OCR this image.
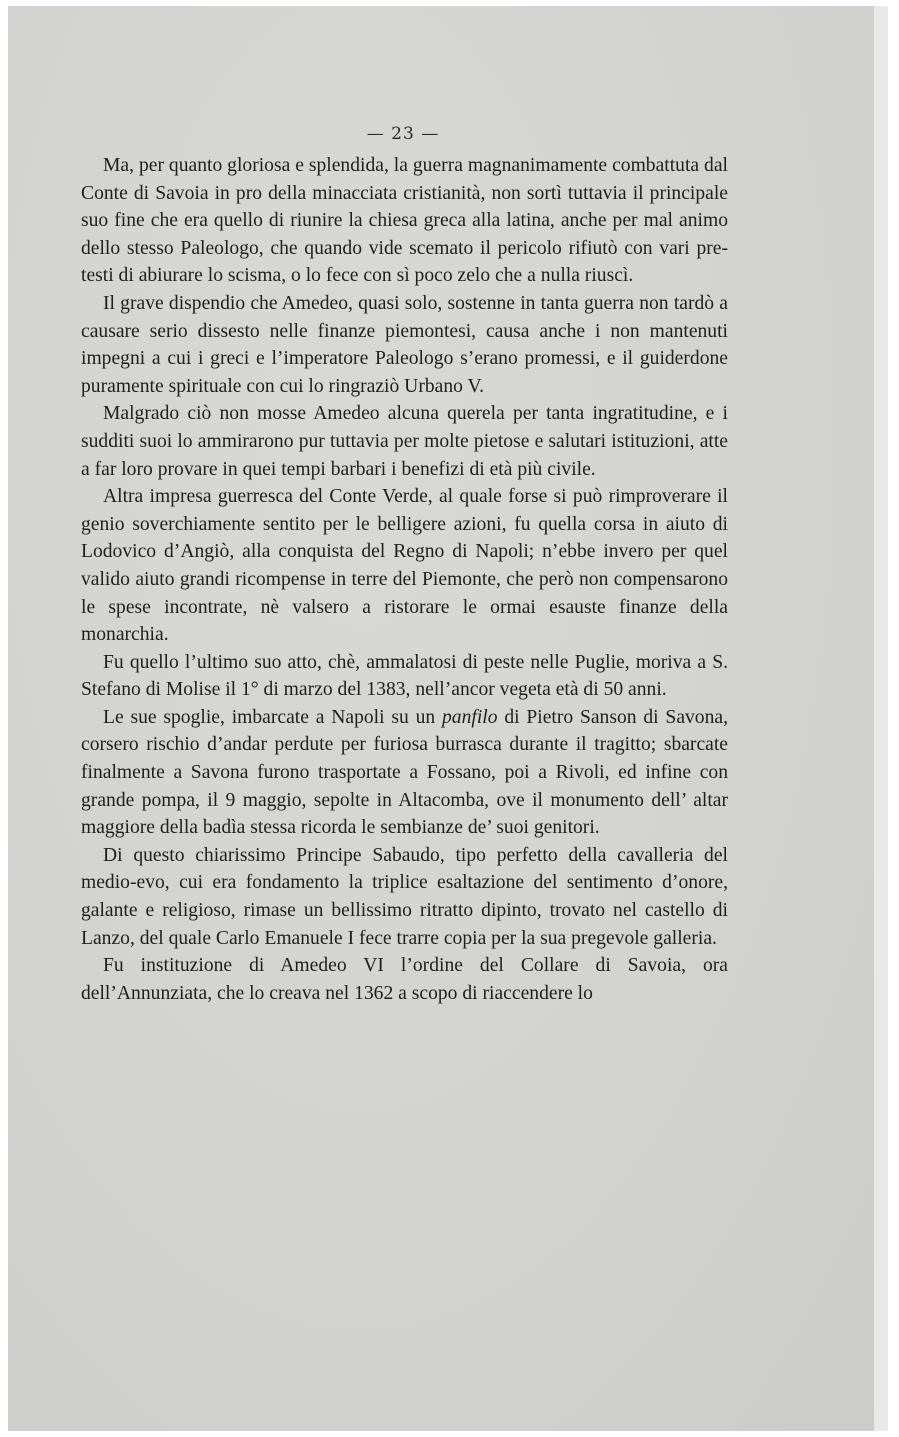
— 23 —

Ma, per quanto gloriosa e splendida, la guerra magnanimamente combattuta dal Conte di Savoia in pro della minacciata cristianità, non sortì tuttavia il principale suo fine che era quello di riunire la chiesa greca alla latina, anche per mal animo dello stesso Paleologo, che quando vide scemato il pericolo rifiutò con vari pretesti di abiurare lo scisma, o lo fece con sì poco zelo che a nulla riuscì.

Il grave dispendio che Amedeo, quasi solo, sostenne in tanta guerra non tardò a causare serio dissesto nelle finanze piemontesi, causa anche i non mantenuti impegni a cui i greci e l’imperatore Paleologo s’erano promessi, e il guiderdone puramente spirituale con cui lo ringraziò Urbano V.

Malgrado ciò non mosse Amedeo alcuna querela per tanta ingratitudine, e i sudditi suoi lo ammirarono pur tuttavia per molte pietose e salutari istituzioni, atte a far loro provare in quei tempi barbari i benefizi di età più civile.

Altra impresa guerresca del Conte Verde, al quale forse si può rimproverare il genio soverchiamente sentito per le belligere azioni, fu quella corsa in aiuto di Lodovico d’Angiò, alla conquista del Regno di Napoli; n’ebbe invero per quel valido aiuto grandi ricompense in terre del Piemonte, che però non compensarono le spese incontrate, nè valsero a ristorare le ormai esauste finanze della monarchia.

Fu quello l’ultimo suo atto, chè, ammalatosi di peste nelle Puglie, moriva a S. Stefano di Molise il 1° di marzo del 1383, nell’ancor vegeta età di 50 anni.

Le sue spoglie, imbarcate a Napoli su un panfilo di Pietro Sanson di Savona, corsero rischio d’andar perdute per furiosa burrasca durante il tragitto; sbarcate finalmente a Savona furono trasportate a Fossano, poi a Rivoli, ed infine con grande pompa, il 9 maggio, sepolte in Altacomba, ove il monumento dell’ altar maggiore della badìa stessa ricorda le sembianze de’ suoi genitori.

Di questo chiarissimo Principe Sabaudo, tipo perfetto della cavalleria del medio-evo, cui era fondamento la triplice esaltazione del sentimento d’onore, galante e religioso, rimase un bellissimo ritratto dipinto, trovato nel castello di Lanzo, del quale Carlo Emanuele I fece trarre copia per la sua pregevole galleria.

Fu instituzione di Amedeo VI l’ordine del Collare di Savoia, ora dell’Annunziata, che lo creava nel 1362 a scopo di riaccendere lo
